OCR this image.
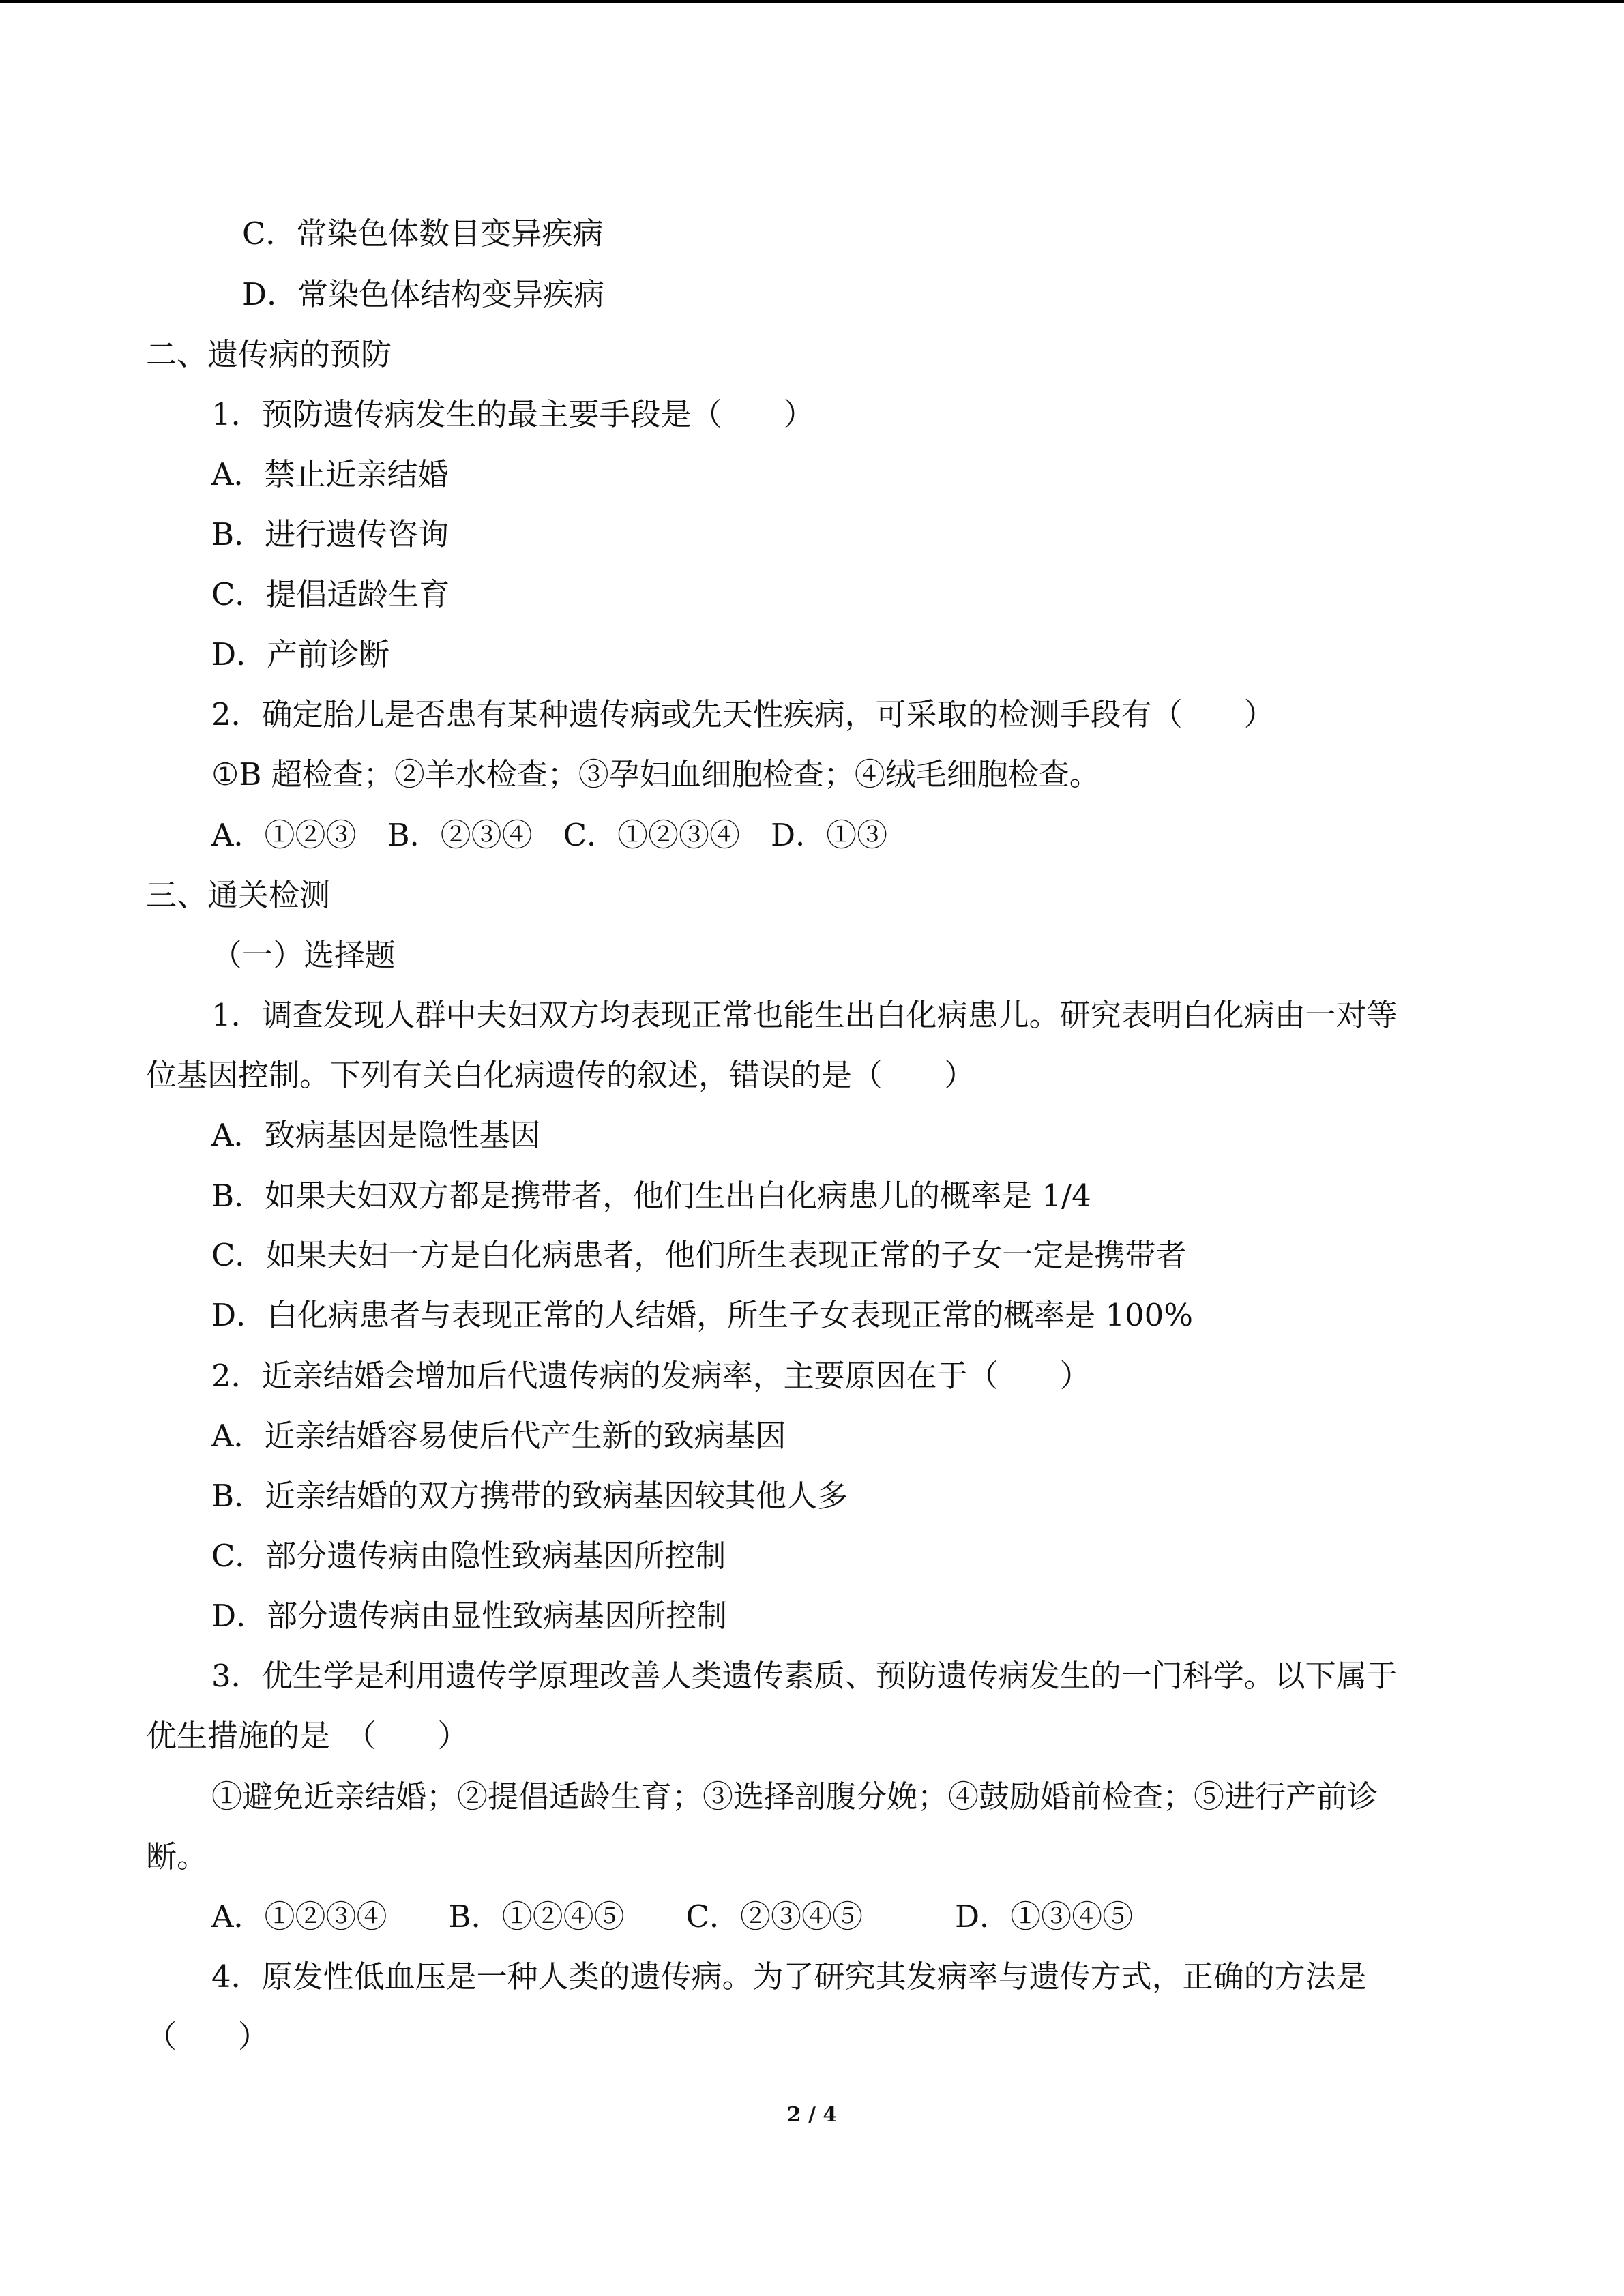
C．常染色体数目变异疾病
D．常染色体结构变异疾病
二、遗传病的预防
1．预防遗传病发生的最主要手段是（　　）
A．禁止近亲结婚
B．进行遗传咨询
C．提倡适龄生育
D．产前诊断
2．确定胎儿是否患有某种遗传病或先天性疾病，可采取的检测手段有（　　）
①B 超检查；②羊水检查；③孕妇血细胞检查；④绒毛细胞检查。
A．①②③　B．②③④　C．①②③④　D．①③
三、通关检测
（一）选择题
1．调查发现人群中夫妇双方均表现正常也能生出白化病患儿。研究表明白化病由一对等
位基因控制。下列有关白化病遗传的叙述，错误的是（　　）
A．致病基因是隐性基因
B．如果夫妇双方都是携带者，他们生出白化病患儿的概率是 1/4
C．如果夫妇一方是白化病患者，他们所生表现正常的子女一定是携带者
D．白化病患者与表现正常的人结婚，所生子女表现正常的概率是 100%
2．近亲结婚会增加后代遗传病的发病率，主要原因在于（　　）
A．近亲结婚容易使后代产生新的致病基因
B．近亲结婚的双方携带的致病基因较其他人多
C．部分遗传病由隐性致病基因所控制
D．部分遗传病由显性致病基因所控制
3．优生学是利用遗传学原理改善人类遗传素质、预防遗传病发生的一门科学。以下属于
优生措施的是　（　　）
①避免近亲结婚；②提倡适龄生育；③选择剖腹分娩；④鼓励婚前检查；⑤进行产前诊
断。
A．①②③④　　B．①②④⑤　　C．②③④⑤　　　D．①③④⑤
4．原发性低血压是一种人类的遗传病。为了研究其发病率与遗传方式，正确的方法是
（　　）
2 / 4
